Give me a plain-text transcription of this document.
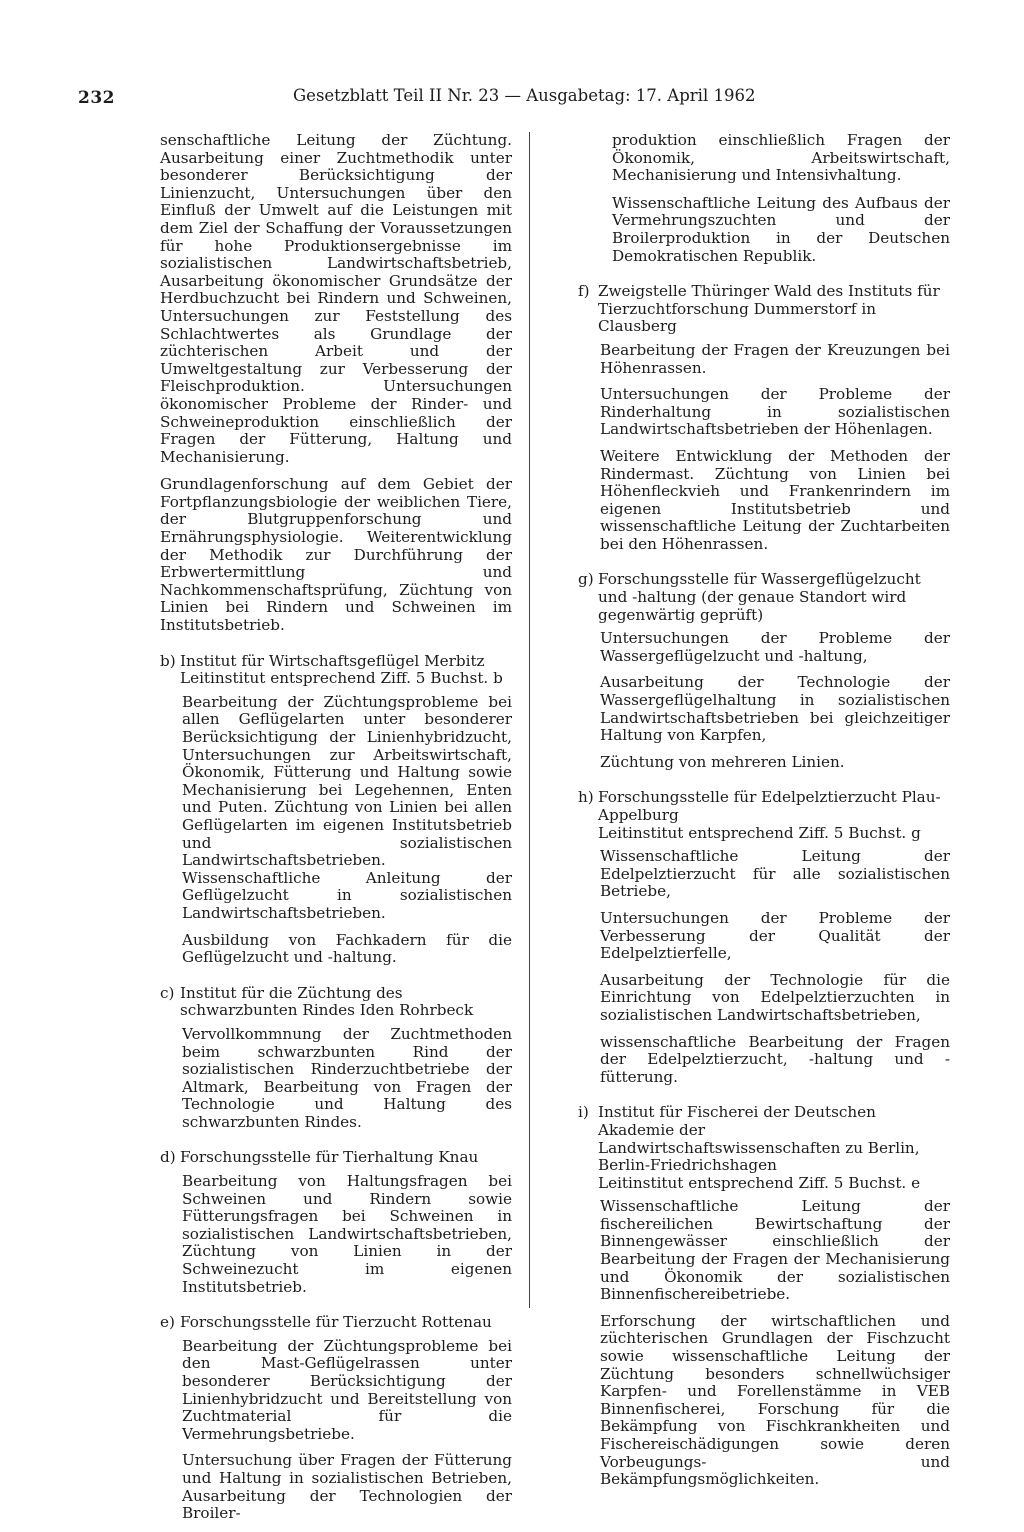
232	Gesetzblatt Teil II Nr. 23 — Ausgabetag: 17. April 1962

senschaftliche Leitung der Züchtung. Ausarbeitung einer Zuchtmethodik unter besonderer Berücksichtigung der Linienzucht, Untersuchungen über den Einfluß der Umwelt auf die Leistungen mit dem Ziel der Schaffung der Voraussetzungen für hohe Produktionsergebnisse im sozialistischen Landwirtschaftsbetrieb, Ausarbeitung ökonomischer Grundsätze der Herdbuchzucht bei Rindern und Schweinen, Untersuchungen zur Feststellung des Schlachtwertes als Grundlage der züchterischen Arbeit und der Umweltgestaltung zur Verbesserung der Fleischproduktion. Untersuchungen ökonomischer Probleme der Rinder- und Schweineproduktion einschließlich der Fragen der Fütterung, Haltung und Mechanisierung.

Grundlagenforschung auf dem Gebiet der Fortpflanzungsbiologie der weiblichen Tiere, der Blutgruppenforschung und Ernährungsphysiologie. Weiterentwicklung der Methodik zur Durchführung der Erbwertermittlung und Nachkommenschaftsprüfung, Züchtung von Linien bei Rindern und Schweinen im Institutsbetrieb.

b) Institut für Wirtschaftsgeflügel Merbitz
Leitinstitut entsprechend Ziff. 5 Buchst. b

Bearbeitung der Züchtungsprobleme bei allen Geflügelarten unter besonderer Berücksichtigung der Linienhybridzucht, Untersuchungen zur Arbeitswirtschaft, Ökonomik, Fütterung und Haltung sowie Mechanisierung bei Legehennen, Enten und Puten. Züchtung von Linien bei allen Geflügelarten im eigenen Institutsbetrieb und sozialistischen Landwirtschaftsbetrieben. Wissenschaftliche Anleitung der Geflügelzucht in sozialistischen Landwirtschaftsbetrieben.

Ausbildung von Fachkadern für die Geflügelzucht und -haltung.

c) Institut für die Züchtung des schwarzbunten Rindes Iden Rohrbeck

Vervollkommnung der Zuchtmethoden beim schwarzbunten Rind der sozialistischen Rinderzuchtbetriebe der Altmark, Bearbeitung von Fragen der Technologie und Haltung des schwarzbunten Rindes.

d) Forschungsstelle für Tierhaltung Knau

Bearbeitung von Haltungsfragen bei Schweinen und Rindern sowie Fütterungsfragen bei Schweinen in sozialistischen Landwirtschaftsbetrieben, Züchtung von Linien in der Schweinezucht im eigenen Institutsbetrieb.

e) Forschungsstelle für Tierzucht Rottenau

Bearbeitung der Züchtungsprobleme bei den Mast-Geflügelrassen unter besonderer Berücksichtigung der Linienhybridzucht und Bereitstellung von Zuchtmaterial für die Vermehrungsbetriebe.

Untersuchung über Fragen der Fütterung und Haltung in sozialistischen Betrieben, Ausarbeitung der Technologien der Broiler-

produktion einschließlich Fragen der Ökonomik, Arbeitswirtschaft, Mechanisierung und Intensivhaltung.

Wissenschaftliche Leitung des Aufbaus der Vermehrungszuchten und der Broilerproduktion in der Deutschen Demokratischen Republik.

f) Zweigstelle Thüringer Wald des Instituts für Tierzuchtforschung Dummerstorf in Clausberg

Bearbeitung der Fragen der Kreuzungen bei Höhenrassen.

Untersuchungen der Probleme der Rinderhaltung in sozialistischen Landwirtschaftsbetrieben der Höhenlagen.

Weitere Entwicklung der Methoden der Rindermast. Züchtung von Linien bei Höhenfleckvieh und Frankenrindern im eigenen Institutsbetrieb und wissenschaftliche Leitung der Zuchtarbeiten bei den Höhenrassen.

g) Forschungsstelle für Wassergeflügelzucht und -haltung (der genaue Standort wird gegenwärtig geprüft)

Untersuchungen der Probleme der Wassergeflügelzucht und -haltung,

Ausarbeitung der Technologie der Wassergeflügelhaltung in sozialistischen Landwirtschaftsbetrieben bei gleichzeitiger Haltung von Karpfen,

Züchtung von mehreren Linien.

h) Forschungsstelle für Edelpelztierzucht Plau-Appelburg
Leitinstitut entsprechend Ziff. 5 Buchst. g

Wissenschaftliche Leitung der Edelpelztierzucht für alle sozialistischen Betriebe,

Untersuchungen der Probleme der Verbesserung der Qualität der Edelpelztierfelle,

Ausarbeitung der Technologie für die Einrichtung von Edelpelztierzuchten in sozialistischen Landwirtschaftsbetrieben,

wissenschaftliche Bearbeitung der Fragen der Edelpelztierzucht, -haltung und -fütterung.

i) Institut für Fischerei der Deutschen Akademie der Landwirtschaftswissenschaften zu Berlin, Berlin-Friedrichshagen
Leitinstitut entsprechend Ziff. 5 Buchst. e

Wissenschaftliche Leitung der fischereilichen Bewirtschaftung der Binnengewässer einschließlich der Bearbeitung der Fragen der Mechanisierung und Ökonomik der sozialistischen Binnenfischereibetriebe.

Erforschung der wirtschaftlichen und züchterischen Grundlagen der Fischzucht sowie wissenschaftliche Leitung der Züchtung besonders schnellwüchsiger Karpfen- und Forellenstämme in VEB Binnenfischerei, Forschung für die Bekämpfung von Fischkrankheiten und Fischereischädigungen sowie deren Vorbeugungs- und Bekämpfungsmöglichkeiten.
